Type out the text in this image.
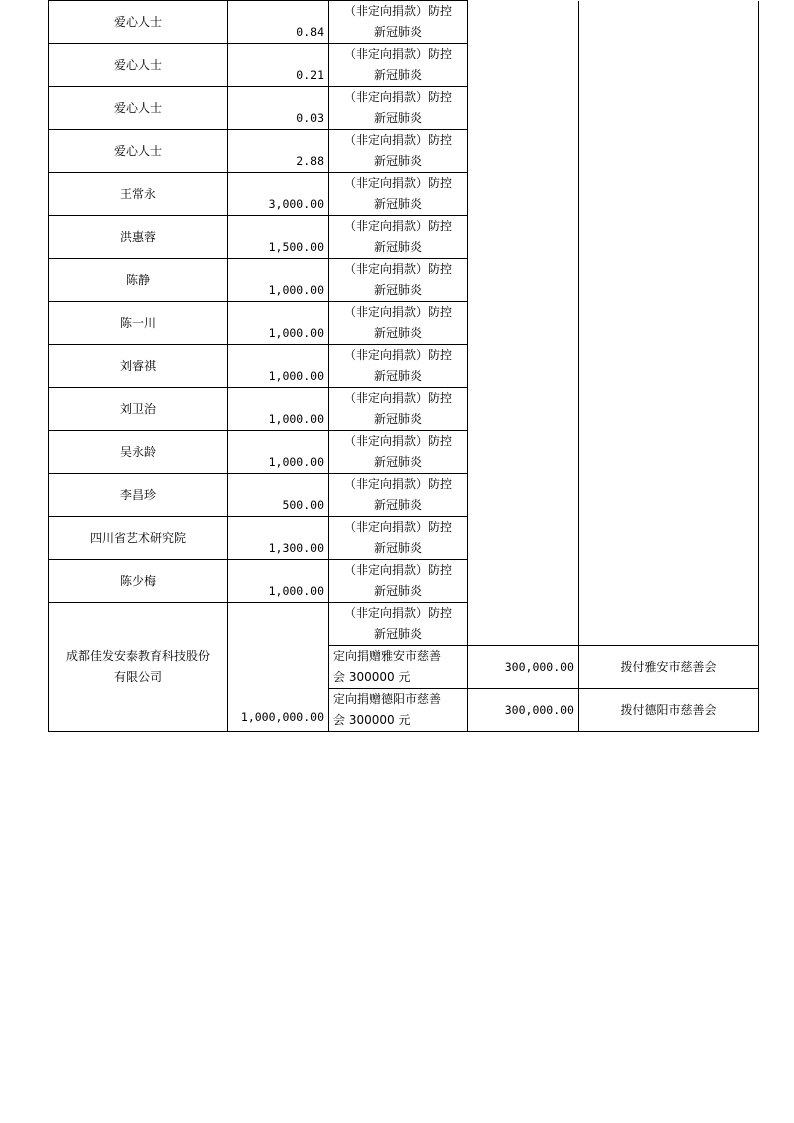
爱心人士	0.84	（非定向捐款）防控
新冠肺炎		

爱心人士	0.21	（非定向捐款）防控
新冠肺炎		

爱心人士	0.03	（非定向捐款）防控
新冠肺炎		

爱心人士	2.88	（非定向捐款）防控
新冠肺炎		

王常永	3,000.00	（非定向捐款）防控
新冠肺炎		

洪惠蓉	1,500.00	（非定向捐款）防控
新冠肺炎		

陈静	1,000.00	（非定向捐款）防控
新冠肺炎		

陈一川	1,000.00	（非定向捐款）防控
新冠肺炎		

刘睿祺	1,000.00	（非定向捐款）防控
新冠肺炎		

刘卫治	1,000.00	（非定向捐款）防控
新冠肺炎		

吴永龄	1,000.00	（非定向捐款）防控
新冠肺炎		

李昌珍	500.00	（非定向捐款）防控
新冠肺炎		

四川省艺术研究院	1,300.00	（非定向捐款）防控
新冠肺炎		

陈少梅	1,000.00	（非定向捐款）防控
新冠肺炎		

成都佳发安泰教育科技股份
有限公司	1,000,000.00	（非定向捐款）防控
新冠肺炎		

		定向捐赠雅安市慈善
会 300000 元	300,000.00	拨付雅安市慈善会

		定向捐赠德阳市慈善
会 300000 元	300,000.00	拨付德阳市慈善会
